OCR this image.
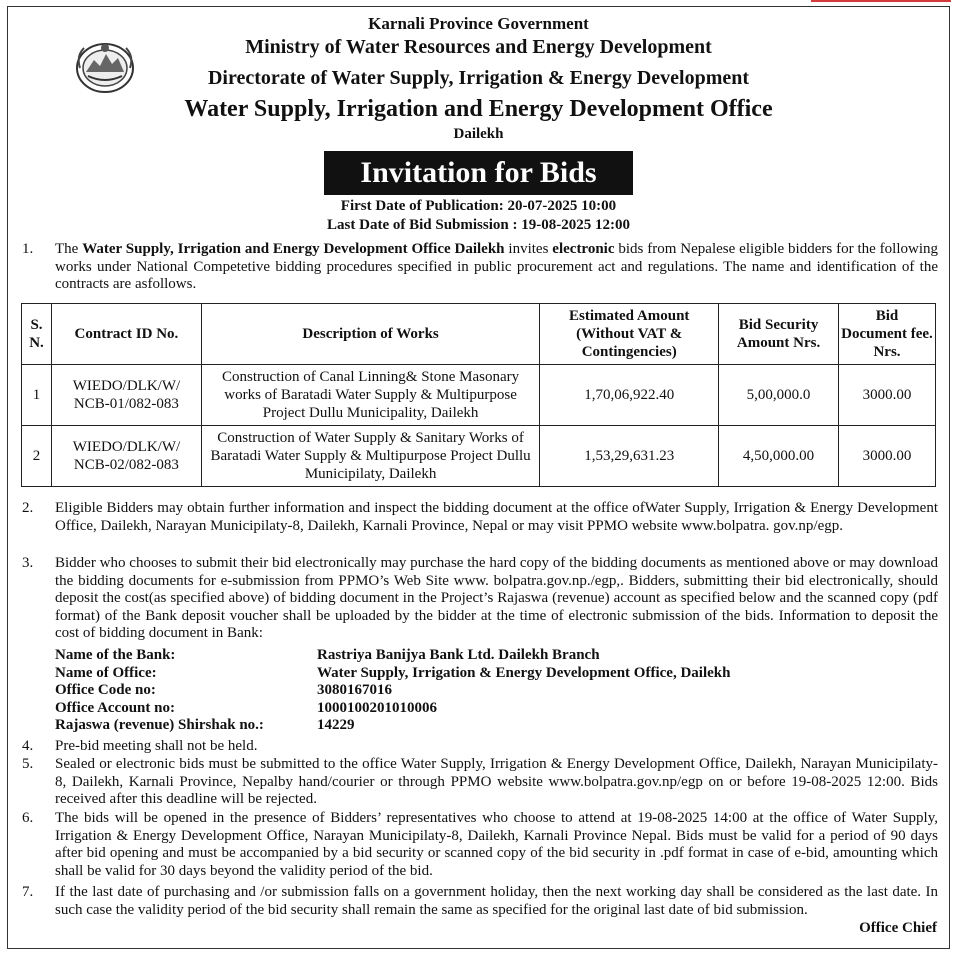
Karnali Province Government
Ministry of Water Resources and Energy Development
Directorate of Water Supply, Irrigation & Energy Development
Water Supply, Irrigation and Energy Development Office
Dailekh
Invitation for Bids
First Date of Publication: 20-07-2025 10:00
Last Date of Bid Submission : 19-08-2025 12:00
1. The Water Supply, Irrigation and Energy Development Office Dailekh invites electronic bids from Nepalese eligible bidders for the following works under National Competetive bidding procedures specified in public procurement act and regulations. The name and identification of the contracts are asfollows.
S. N.	Contract ID No.	Description of Works	Estimated Amount (Without VAT & Contingencies)	Bid Security Amount Nrs.	Bid Document fee. Nrs.
1	WIEDO/DLK/W/ NCB-01/082-083	Construction of Canal Linning& Stone Masonary works of Baratadi Water Supply & Multipurpose Project Dullu Municipality, Dailekh	1,70,06,922.40	5,00,000.0	3000.00
2	WIEDO/DLK/W/ NCB-02/082-083	Construction of Water Supply & Sanitary Works of Baratadi Water Supply & Multipurpose Project Dullu Municipilaty, Dailekh	1,53,29,631.23	4,50,000.00	3000.00
2. Eligible Bidders may obtain further information and inspect the bidding document at the office ofWater Supply, Irrigation & Energy Development Office, Dailekh, Narayan Municipilaty-8, Dailekh, Karnali Province, Nepal or may visit PPMO website www.bolpatra. gov.np/egp.
3. Bidder who chooses to submit their bid electronically may purchase the hard copy of the bidding documents as mentioned above or may download the bidding documents for e-submission from PPMO’s Web Site www. bolpatra.gov.np./egp,. Bidders, submitting their bid electronically, should deposit the cost(as specified above) of bidding document in the Project’s Rajaswa (revenue) account as specified below and the scanned copy (pdf format) of the Bank deposit voucher shall be uploaded by the bidder at the time of electronic submission of the bids. Information to deposit the cost of bidding document in Bank:
Name of the Bank:	Rastriya Banijya Bank Ltd. Dailekh Branch
Name of Office:	Water Supply, Irrigation & Energy Development Office, Dailekh
Office Code no:	3080167016
Office Account no:	1000100201010006
Rajaswa (revenue) Shirshak no.:	14229
4. Pre-bid meeting shall not be held.
5. Sealed or electronic bids must be submitted to the office Water Supply, Irrigation & Energy Development Office, Dailekh, Narayan Municipilaty-8, Dailekh, Karnali Province, Nepalby hand/courier or through PPMO website www.bolpatra.gov.np/egp on or before 19-08-2025 12:00. Bids received after this deadline will be rejected.
6. The bids will be opened in the presence of Bidders’ representatives who choose to attend at 19-08-2025 14:00 at the office of Water Supply, Irrigation & Energy Development Office, Narayan Municipilaty-8, Dailekh, Karnali Province Nepal. Bids must be valid for a period of 90 days after bid opening and must be accompanied by a bid security or scanned copy of the bid security in .pdf format in case of e-bid, amounting which shall be valid for 30 days beyond the validity period of the bid.
7. If the last date of purchasing and /or submission falls on a government holiday, then the next working day shall be considered as the last date. In such case the validity period of the bid security shall remain the same as specified for the original last date of bid submission.
Office Chief
